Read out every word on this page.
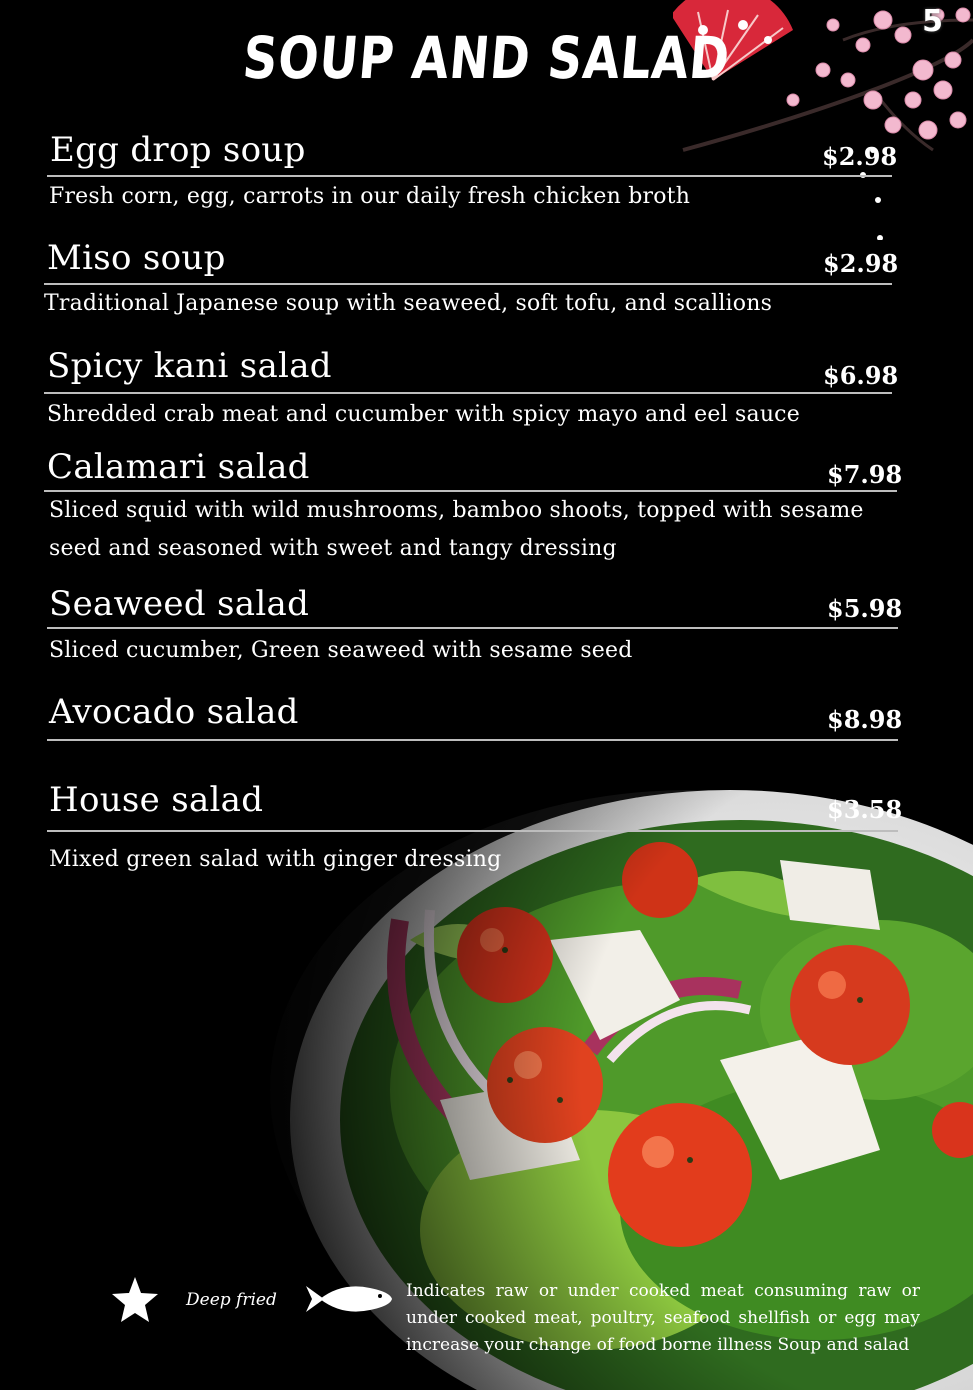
5
SOUP AND SALAD
Egg drop soup	$2.98
Fresh corn, egg, carrots in our daily fresh chicken broth
Miso soup	$2.98
Traditional Japanese soup with seaweed, soft tofu, and scallions
Spicy kani salad	$6.98
Shredded crab meat and cucumber with spicy mayo and eel sauce
Calamari salad	$7.98
Sliced squid with wild mushrooms, bamboo shoots, topped with sesame
seed and seasoned with sweet and tangy dressing
Seaweed salad	$5.98
Sliced cucumber, Green seaweed with sesame seed
Avocado salad	$8.98
House salad	$3.58
Mixed green salad with ginger dressing
Deep fried	Indicates raw or under cooked meat consuming raw or under cooked meat, poultry, seafood shellfish or egg may increase your change of food borne illness Soup and salad
